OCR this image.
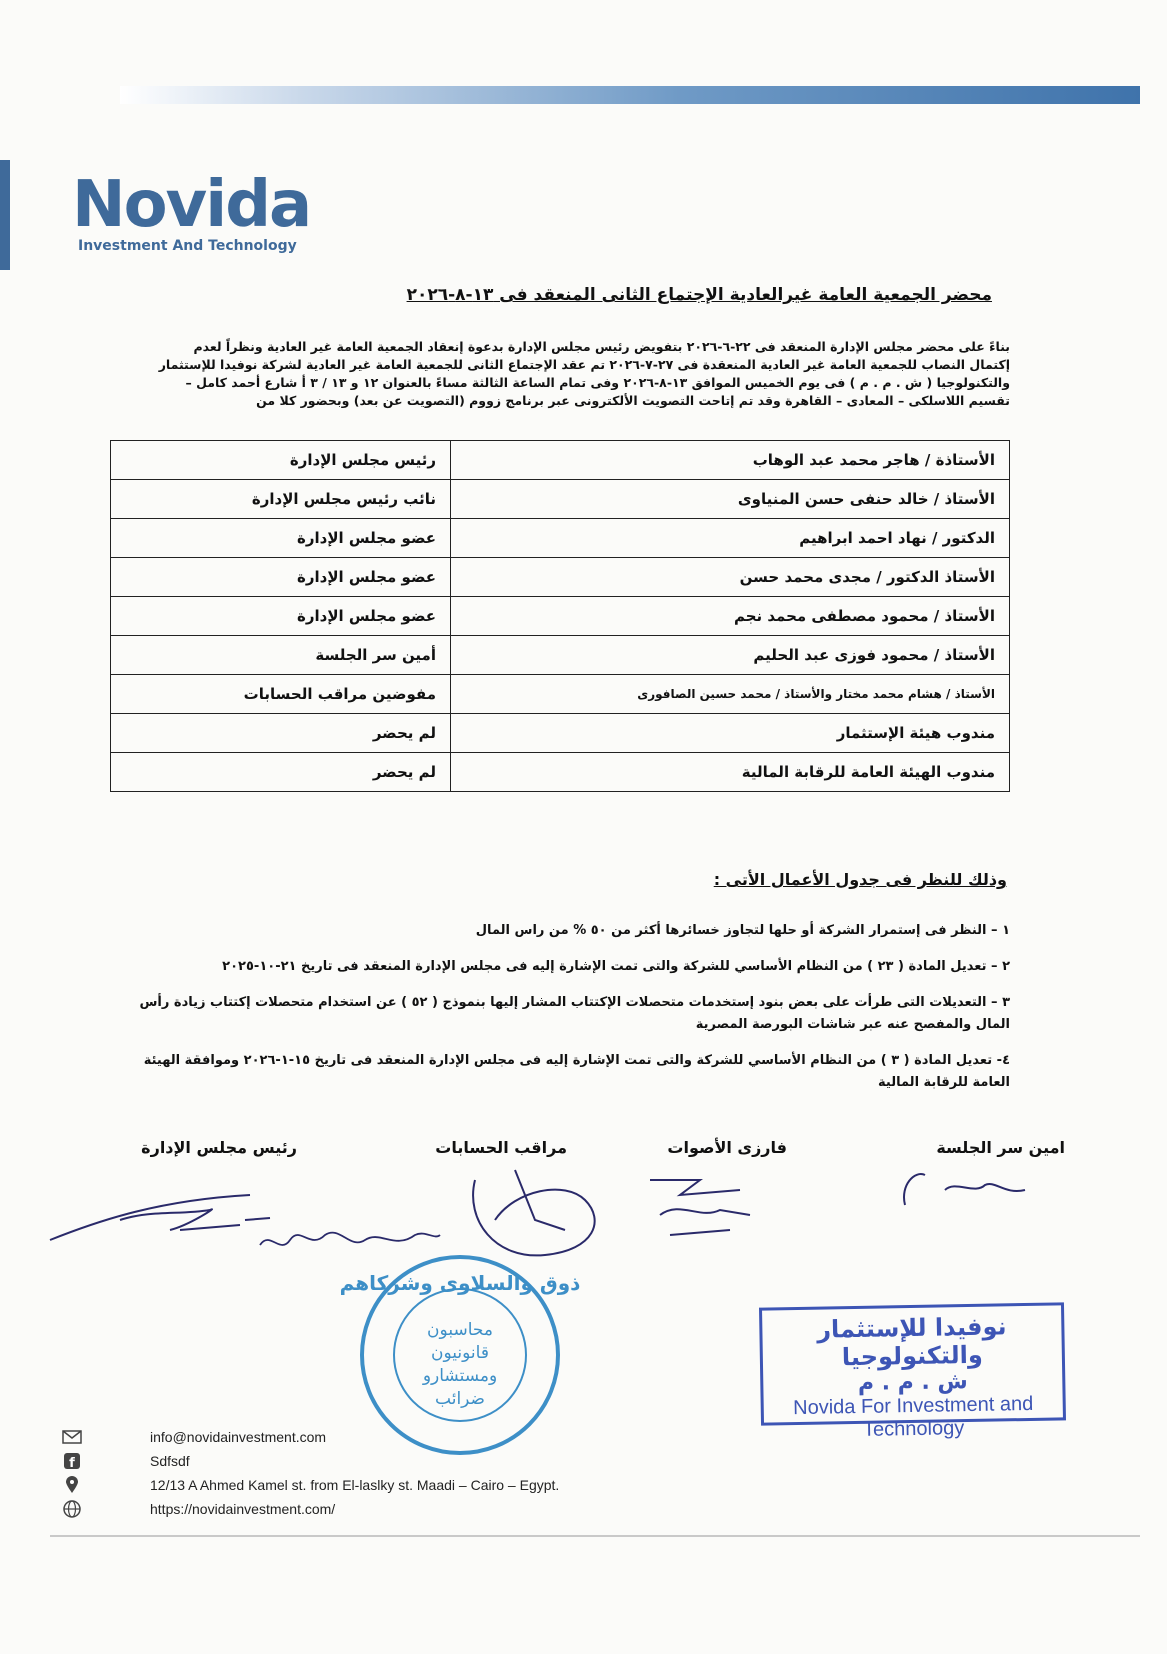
Novida
Investment And Technology
محضر الجمعية العامة غيرالعادية الإجتماع الثانى المنعقد فى ١٣-٨-٢٠٢٦
بناءً على محضر مجلس الإدارة المنعقد فى ٢٢-٦-٢٠٢٦ بتفويض رئيس مجلس الإدارة بدعوة إنعقاد الجمعية العامة غير العادية ونظراً لعدم
إكتمال النصاب للجمعية العامة غير العادية المنعقدة فى ٢٧-٧-٢٠٢٦ تم عقد الإجتماع الثانى للجمعية العامة غير العادية لشركة نوفيدا للإستثمار
والتكنولوجيا ( ش . م . م ) فى يوم الخميس الموافق ١٣-٨-٢٠٢٦ وفى تمام الساعة الثالثة مساءً بالعنوان ١٢ و ١٣ / ٣ أ شارع أحمد كامل –
تقسيم اللاسلكى – المعادى – القاهرة وقد تم إتاحت التصويت الألكترونى عبر برنامج زووم (التصويت عن بعد) وبحضور كلا من
الأستاذة / هاجر محمد عبد الوهاب	رئيس مجلس الإدارة
الأستاذ / خالد حنفى حسن المنياوى	نائب رئيس مجلس الإدارة
الدكتور / نهاد احمد ابراهيم	عضو مجلس الإدارة
الأستاذ الدكتور / مجدى محمد حسن	عضو مجلس الإدارة
الأستاذ / محمود مصطفى محمد نجم	عضو مجلس الإدارة
الأستاذ / محمود فوزى عبد الحليم	أمين سر الجلسة
الأستاذ / هشام محمد مختار والأستاذ / محمد حسين الصافورى	مفوضين مراقب الحسابات
مندوب هيئة الإستثمار	لم يحضر
مندوب الهيئة العامة للرقابة المالية	لم يحضر
وذلك للنظر فى جدول الأعمال الأتى :
١ – النظر فى إستمرار الشركة أو حلها لتجاوز خسائرها أكثر من ٥٠ % من راس المال
٢ – تعديل المادة ( ٢٣ ) من النظام الأساسي للشركة والتى تمت الإشارة إليه فى مجلس الإدارة المنعقد فى تاريخ ٢١-١٠-٢٠٢٥
٣ – التعديلات التى طرأت على بعض بنود إستخدمات متحصلات الإكتتاب المشار إليها بنموذج ( ٥٢ ) عن استخدام متحصلات إكتتاب زيادة رأس المال والمفصح عنه عبر شاشات البورصة المصرية
٤- تعديل المادة ( ٣ ) من النظام الأساسي للشركة والتى تمت الإشارة إليه فى مجلس الإدارة المنعقد فى تاريخ ١٥-١-٢٠٢٦ وموافقة الهيئة العامة للرقابة المالية
امين سر الجلسة
فارزى الأصوات
مراقب الحسابات
رئيس مجلس الإدارة
ذوق والسلاوى وشركاهم
محاسبون
قانونيون
ومستشارو
ضرائب
نوفيدا للإستثمار والتكنولوجيا
ش . م . م
Novida For Investment and Technology
info@novidainvestment.com
f	Sdfsdf
12/13 A Ahmed Kamel st. from El-laslky st. Maadi – Cairo – Egypt.
https://novidainvestment.com/
